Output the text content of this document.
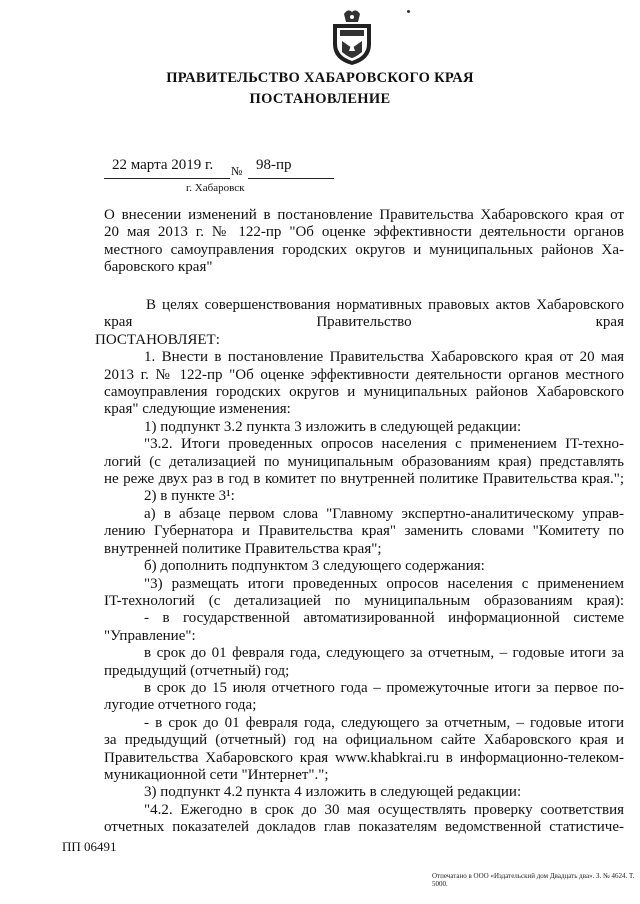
ПРАВИТЕЛЬСТВО ХАБАРОВСКОГО КРАЯ
ПОСТАНОВЛЕНИЕ
22 марта 2019 г. № 98-пр
г. Хабаровск

О внесении изменений в постановление Правительства Хабаровского края от

20 мая 2013 г. № 122-пр "Об оценке эффективности деятельности органов

местного самоуправления городских округов и муниципальных районов Ха-

баровского края"

В целях совершенствования нормативных правовых актов Хабаровского

края Правительство края

ПОСТАНОВЛЯЕТ:

1. Внести в постановление Правительства Хабаровского края от 20 мая

2013 г. № 122-пр "Об оценке эффективности деятельности органов местного

самоуправления городских округов и муниципальных районов Хабаровского

края" следующие изменения:

1) подпункт 3.2 пункта 3 изложить в следующей редакции:

"3.2. Итоги проведенных опросов населения с применением IT-техно-

логий (с детализацией по муниципальным образованиям края) представлять

не реже двух раз в год в комитет по внутренней политике Правительства края.";

2) в пункте 3¹:

а) в абзаце первом слова "Главному экспертно-аналитическому управ-

лению Губернатора и Правительства края" заменить словами "Комитету по

внутренней политике Правительства края";

б) дополнить подпунктом 3 следующего содержания:

"3) размещать итоги проведенных опросов населения с применением

IT-технологий (с детализацией по муниципальным образованиям края):

- в государственной автоматизированной информационной системе

"Управление":

в срок до 01 февраля года, следующего за отчетным, – годовые итоги за

предыдущий (отчетный) год;

в срок до 15 июля отчетного года – промежуточные итоги за первое по-

лугодие отчетного года;

- в срок до 01 февраля года, следующего за отчетным, – годовые итоги

за предыдущий (отчетный) год на официальном сайте Хабаровского края и

Правительства Хабаровского края www.khabkrai.ru в информационно-телеком-

муникационной сети "Интернет".";

3) подпункт 4.2 пункта 4 изложить в следующей редакции:

"4.2. Ежегодно в срок до 30 мая осуществлять проверку соответствия

отчетных показателей докладов глав показателям ведомственной статистиче-

ПП 06491
Отпечатано в ООО «Издательский дом Двадцать два». З. № 4624. Т. 5000.
